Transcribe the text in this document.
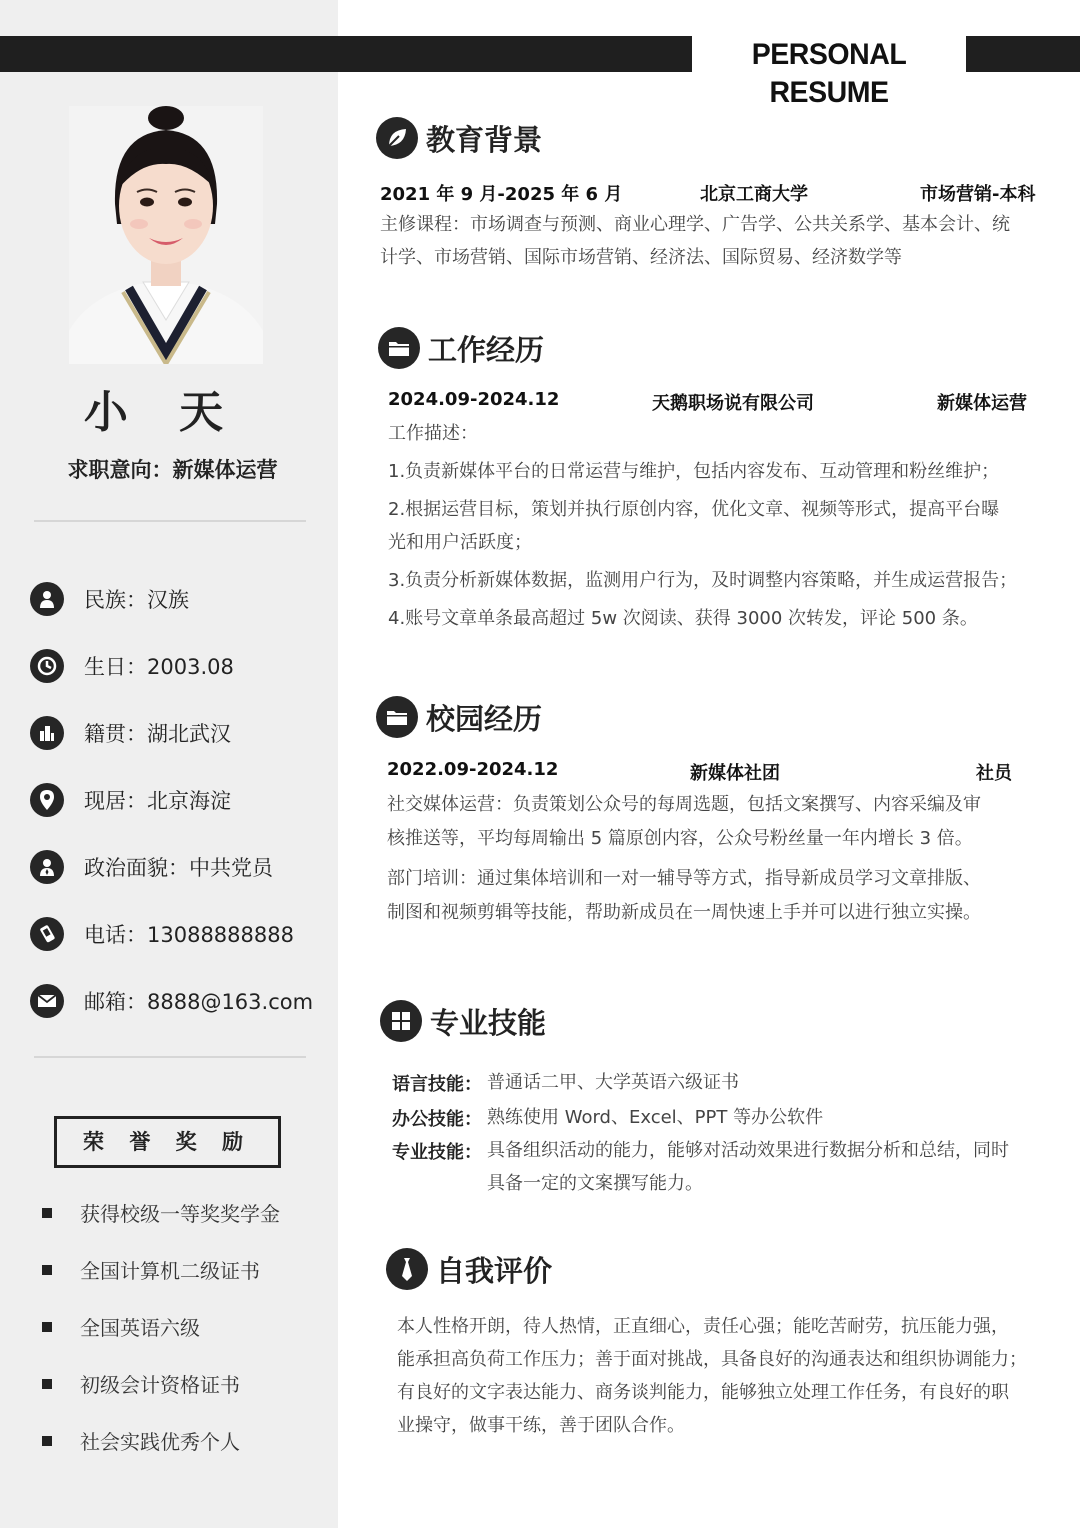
PERSONAL RESUME
小 天
求职意向：新媒体运营
民族：汉族
生日：2003.08
籍贯：湖北武汉
现居：北京海淀
政治面貌：中共党员
电话：13088888888
邮箱：8888@163.com
荣 誉 奖 励
获得校级一等奖奖学金
全国计算机二级证书
全国英语六级
初级会计资格证书
社会实践优秀个人
教育背景
2021 年 9 月-2025 年 6 月	北京工商大学	市场营销-本科
主修课程：市场调查与预测、商业心理学、广告学、公共关系学、基本会计、统
计学、市场营销、国际市场营销、经济法、国际贸易、经济数学等
工作经历
2024.09-2024.12	天鹅职场说有限公司	新媒体运营
工作描述：
1.负责新媒体平台的日常运营与维护，包括内容发布、互动管理和粉丝维护；
2.根据运营目标，策划并执行原创内容，优化文章、视频等形式，提高平台曝
光和用户活跃度；
3.负责分析新媒体数据，监测用户行为，及时调整内容策略，并生成运营报告；
4.账号文章单条最高超过 5w 次阅读、获得 3000 次转发，评论 500 条。
校园经历
2022.09-2024.12	新媒体社团	社员
社交媒体运营：负责策划公众号的每周选题，包括文案撰写、内容采编及审
核推送等，平均每周输出 5 篇原创内容，公众号粉丝量一年内增长 3 倍。
部门培训：通过集体培训和一对一辅导等方式，指导新成员学习文章排版、
制图和视频剪辑等技能，帮助新成员在一周快速上手并可以进行独立实操。
专业技能
语言技能： 普通话二甲、大学英语六级证书
办公技能： 熟练使用 Word、Excel、PPT 等办公软件
专业技能： 具备组织活动的能力，能够对活动效果进行数据分析和总结，同时
具备一定的文案撰写能力。
自我评价
本人性格开朗，待人热情，正直细心，责任心强；能吃苦耐劳，抗压能力强，
能承担高负荷工作压力；善于面对挑战，具备良好的沟通表达和组织协调能力；
有良好的文字表达能力、商务谈判能力，能够独立处理工作任务，有良好的职
业操守，做事干练，善于团队合作。
